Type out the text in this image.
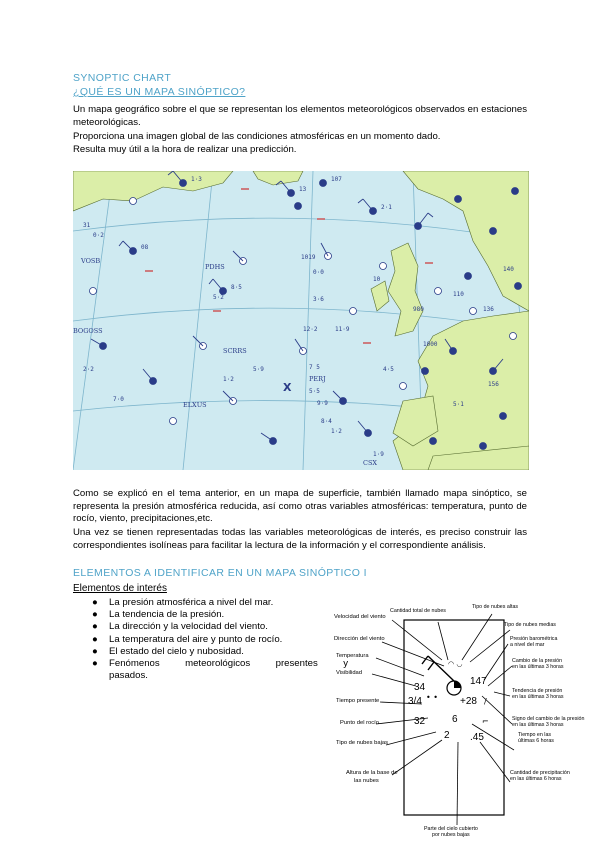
SYNOPTIC CHART
¿QUÉ ES UN MAPA SINÓPTICO?
Un mapa geográfico sobre el que se representan los elementos meteorológicos observados en estaciones meteorológicas.
Proporciona una imagen global de las condiciones atmosféricas en un momento dado.
Resulta muy útil a la hora de realizar una predicción.
1·3
13
107
2·1
31
0·2
08
8·5
5·2
1019
0·0
3·6
10
12·2	11·9
7 5
5·5
9·9
8·4
1·2
110
136
980
5·9
1·2
2·2
7·0
156
5·1
1·9
140
1000
4·5
VOSB
BOGOSS
PDHS
PERJ
CSX
SCRRS
ELXUS
X
Como se explicó en el tema anterior, en un mapa de superficie, también llamado mapa sinóptico, se representa la presión atmosférica reducida, así como otras variables atmosféricas: temperatura, punto de rocío, viento, precipitaciones,etc.
Una vez se tienen representadas todas las variables meteorológicas de interés, es preciso construir las correspondientes isolíneas para facilitar la lectura de la información y el correspondiente análisis.
ELEMENTOS A IDENTIFICAR EN UN MAPA SINÓPTICO I
Elementos de interés
● La presión atmosférica a nivel del mar.
● La tendencia de la presión.
● La dirección y la velocidad del viento.
● La temperatura del aire y punto de rocío.
● El estado del cielo y nubosidad.
● Fenómenos meteorológicos presentes y
pasados.
◠ ◡
• •	/
⌐
34
3/4
147
+28
32	6
2 .45
Velocidad del viento
Dirección del viento
Temperatura
Visibilidad
Tiempo presente
Punto del rocío
Tipo de nubes bajas
Altura de la base de
las nubes
Cantidad total de nubes
Tipo de nubes altas
Tipo de nubes medias
Presión barométrica
a nivel del mar
Cambio de la presión
en las últimas 3 horas
Tendencia de presión
en las últimas 3 horas
Signo del cambio de la presión
en las últimas 3 horas
Tiempo en las
últimas 6 horas
Cantidad de precipitación
en las últimas 6 horas
Parte del cielo cubierto
por nubes bajas
